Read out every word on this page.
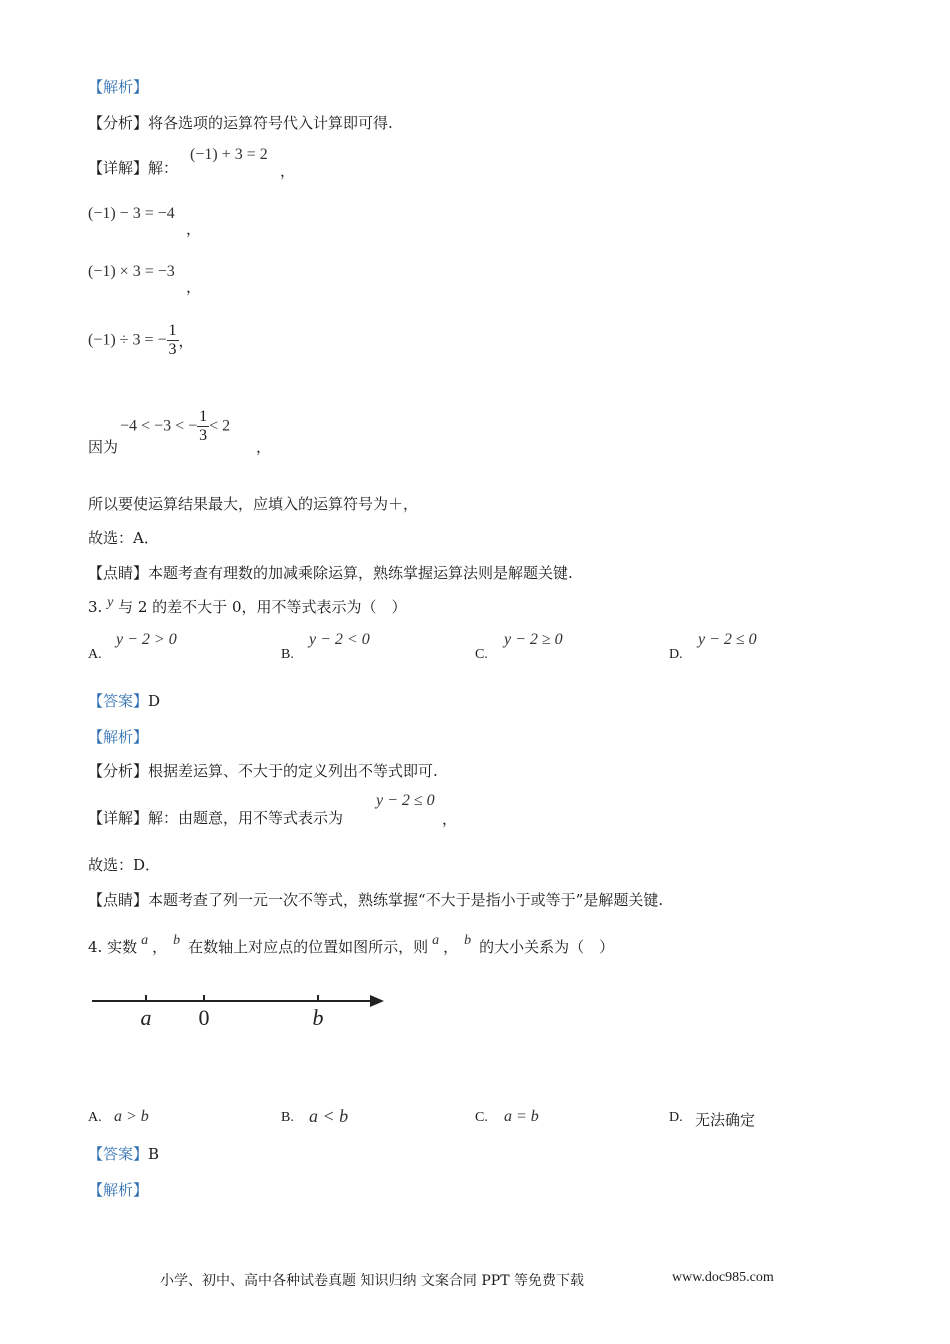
【解析】
【分析】将各选项的运算符号代入计算即可得.
【详解】解：
(−1) + 3 = 2
，
(−1) − 3 = −4
，
(−1) × 3 = −3
，
(−1) ÷ 3 = − $\frac{1}{3}$ ，
因为
−4 < −3 < − $\frac{1}{3} < 2$
，
所以要使运算结果最大，应填入的运算符号为＋，
故选：A．
【点睛】本题考查有理数的加减乘除运算，熟练掌握运算法则是解题关键.
3. y 与 2 的差不大于 0，用不等式表示为（　）
A.
y − 2 > 0
B.
y − 2 < 0
C.
y − 2 ≥ 0
D.
y − 2 ≤ 0
【答案】D
【解析】
【分析】根据差运算、不大于的定义列出不等式即可.
【详解】解：由题意，用不等式表示为
y − 2 ≤ 0
，
故选：D．
【点睛】本题考查了列一元一次不等式，熟练掌握“不大于是指小于或等于”是解题关键.
4. 实数 a ， b 在数轴上对应点的位置如图所示，则 a ， b 的大小关系为（　）
a 0	b
A. a > b	B. a < b	C. a = b	D. 无法确定
【答案】B
【解析】
小学、初中、高中各种试卷真题 知识归纳 文案合同 PPT 等免费下载	www.doc985.com
